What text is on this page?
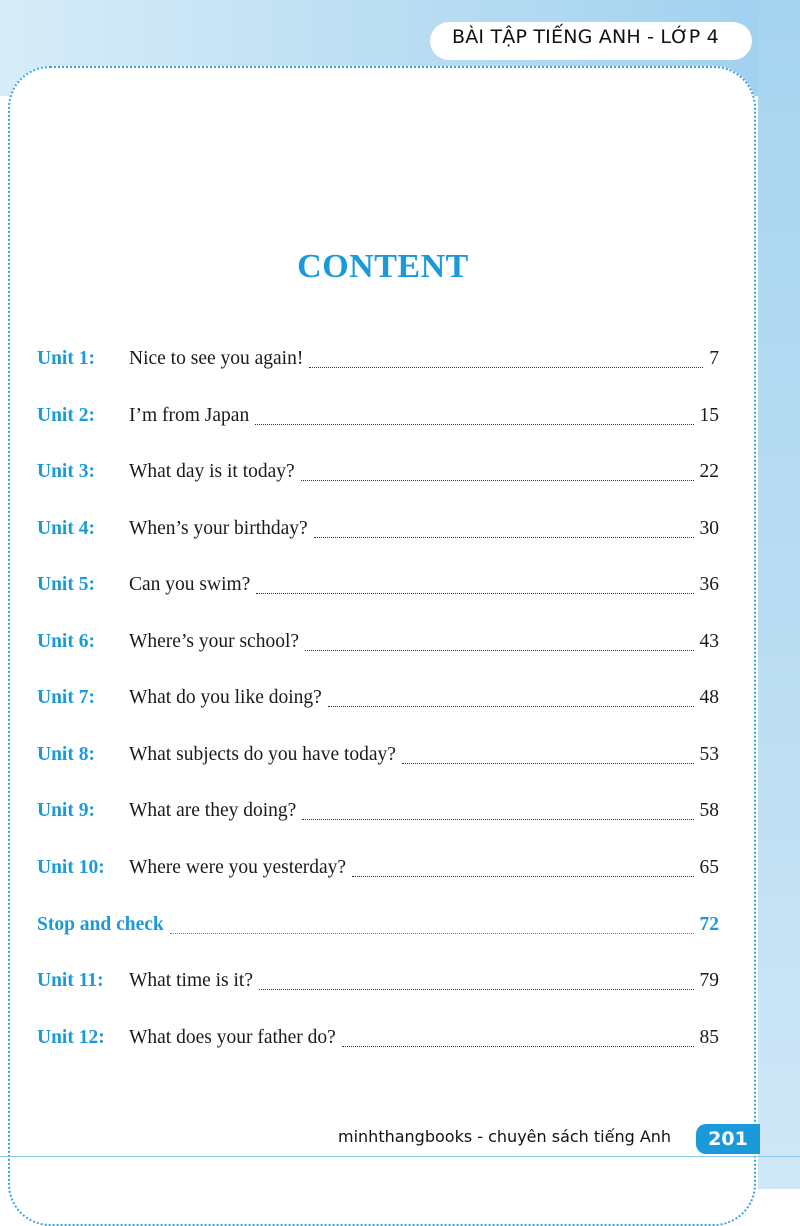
BÀI TẬP TIẾNG ANH - LỚP 4
CONTENT
Unit 1:	Nice to see you again!	7
Unit 2:	I’m from Japan	15
Unit 3:	What day is it today?	22
Unit 4:	When’s your birthday?	30
Unit 5:	Can you swim?	36
Unit 6:	Where’s your school?	43
Unit 7:	What do you like doing?	48
Unit 8:	What subjects do you have today?	53
Unit 9:	What are they doing?	58
Unit 10:	Where were you yesterday?	65
Stop and check	72
Unit 11:	What time is it?	79
Unit 12:	What does your father do?	85
minhthangbooks - chuyên sách tiếng Anh	201
